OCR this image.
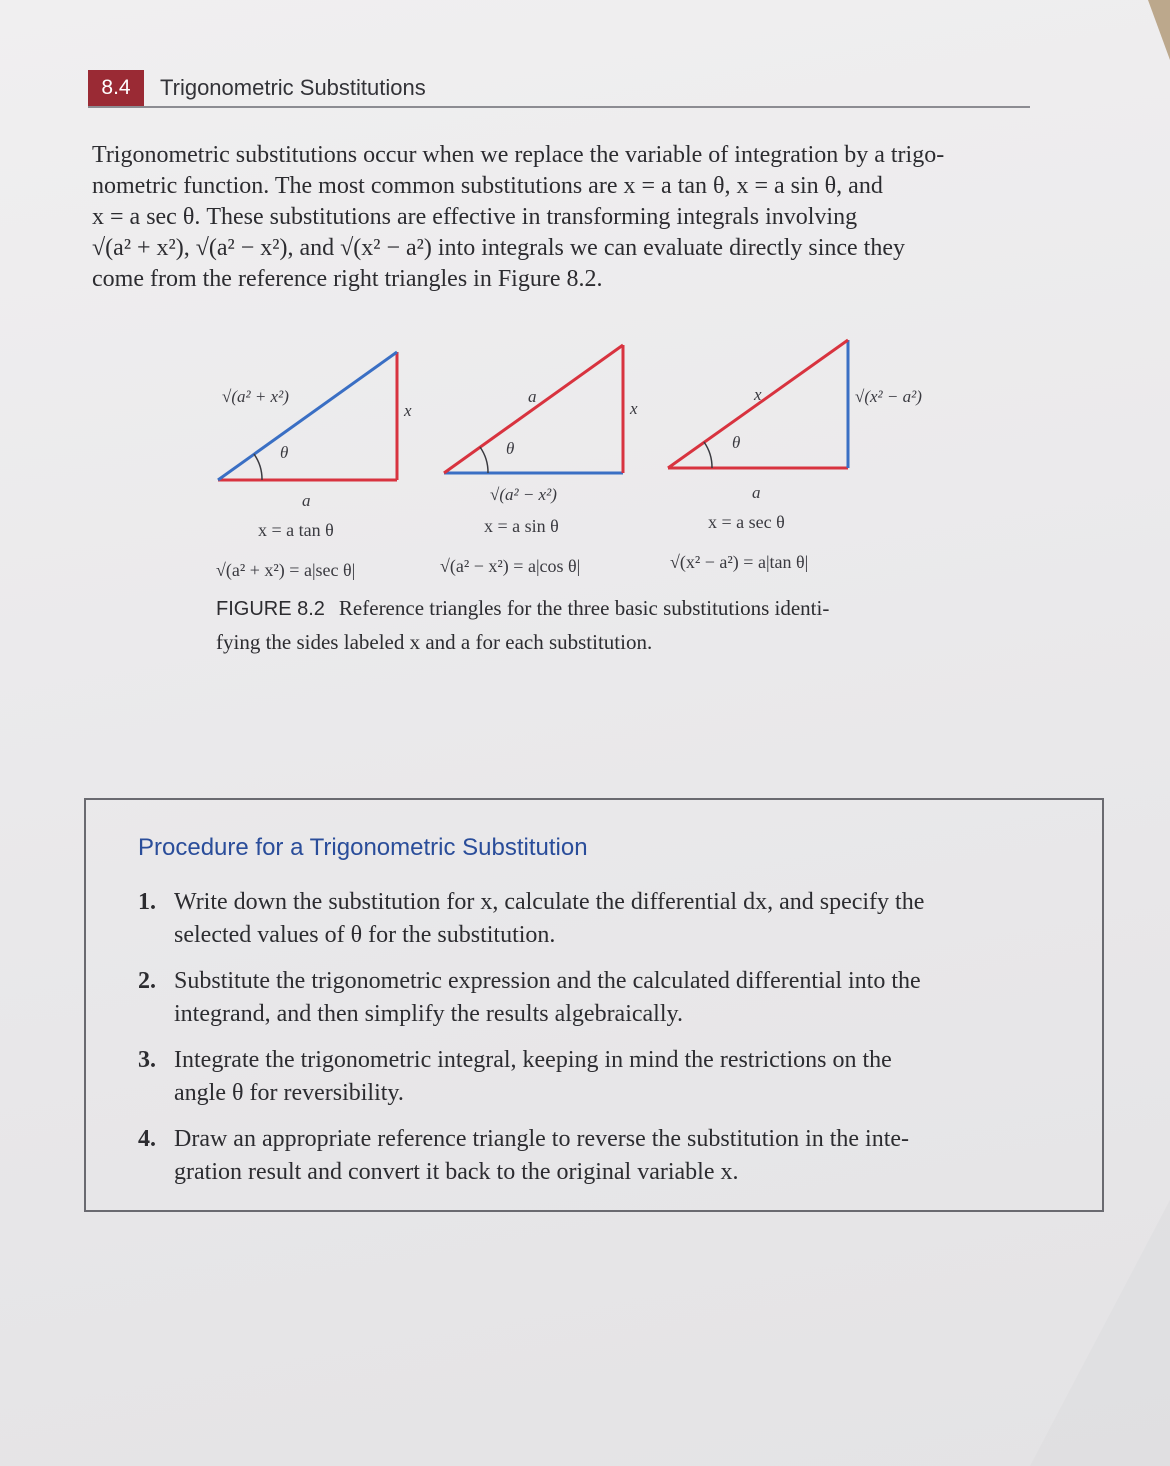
8.4	Trigonometric Substitutions

Trigonometric substitutions occur when we replace the variable of integration by a trigo-
nometric function. The most common substitutions are x = a tan θ, x = a sin θ, and
x = a sec θ. These substitutions are effective in transforming integrals involving
√(a² + x²), √(a² − x²), and √(x² − a²) into integrals we can evaluate directly since they
come from the reference right triangles in Figure 8.2.

θ
√(a² + x²)
x
a
x = a tan θ
√(a² + x²) = a|sec θ|
θ
a
x
√(a² − x²)
x = a sin θ
√(a² − x²) = a|cos θ|
θ
x	√(x² − a²)
a
x = a sec θ
√(x² − a²) = a|tan θ|
FIGURE 8.2 Reference triangles for the three basic substitutions identi-
fying the sides labeled x and a for each substitution.
Procedure for a Trigonometric Substitution
1. Write down the substitution for x, calculate the differential dx, and specify the
selected values of θ for the substitution.
2. Substitute the trigonometric expression and the calculated differential into the
integrand, and then simplify the results algebraically.
3. Integrate the trigonometric integral, keeping in mind the restrictions on the
angle θ for reversibility.
4. Draw an appropriate reference triangle to reverse the substitution in the inte-
gration result and convert it back to the original variable x.
